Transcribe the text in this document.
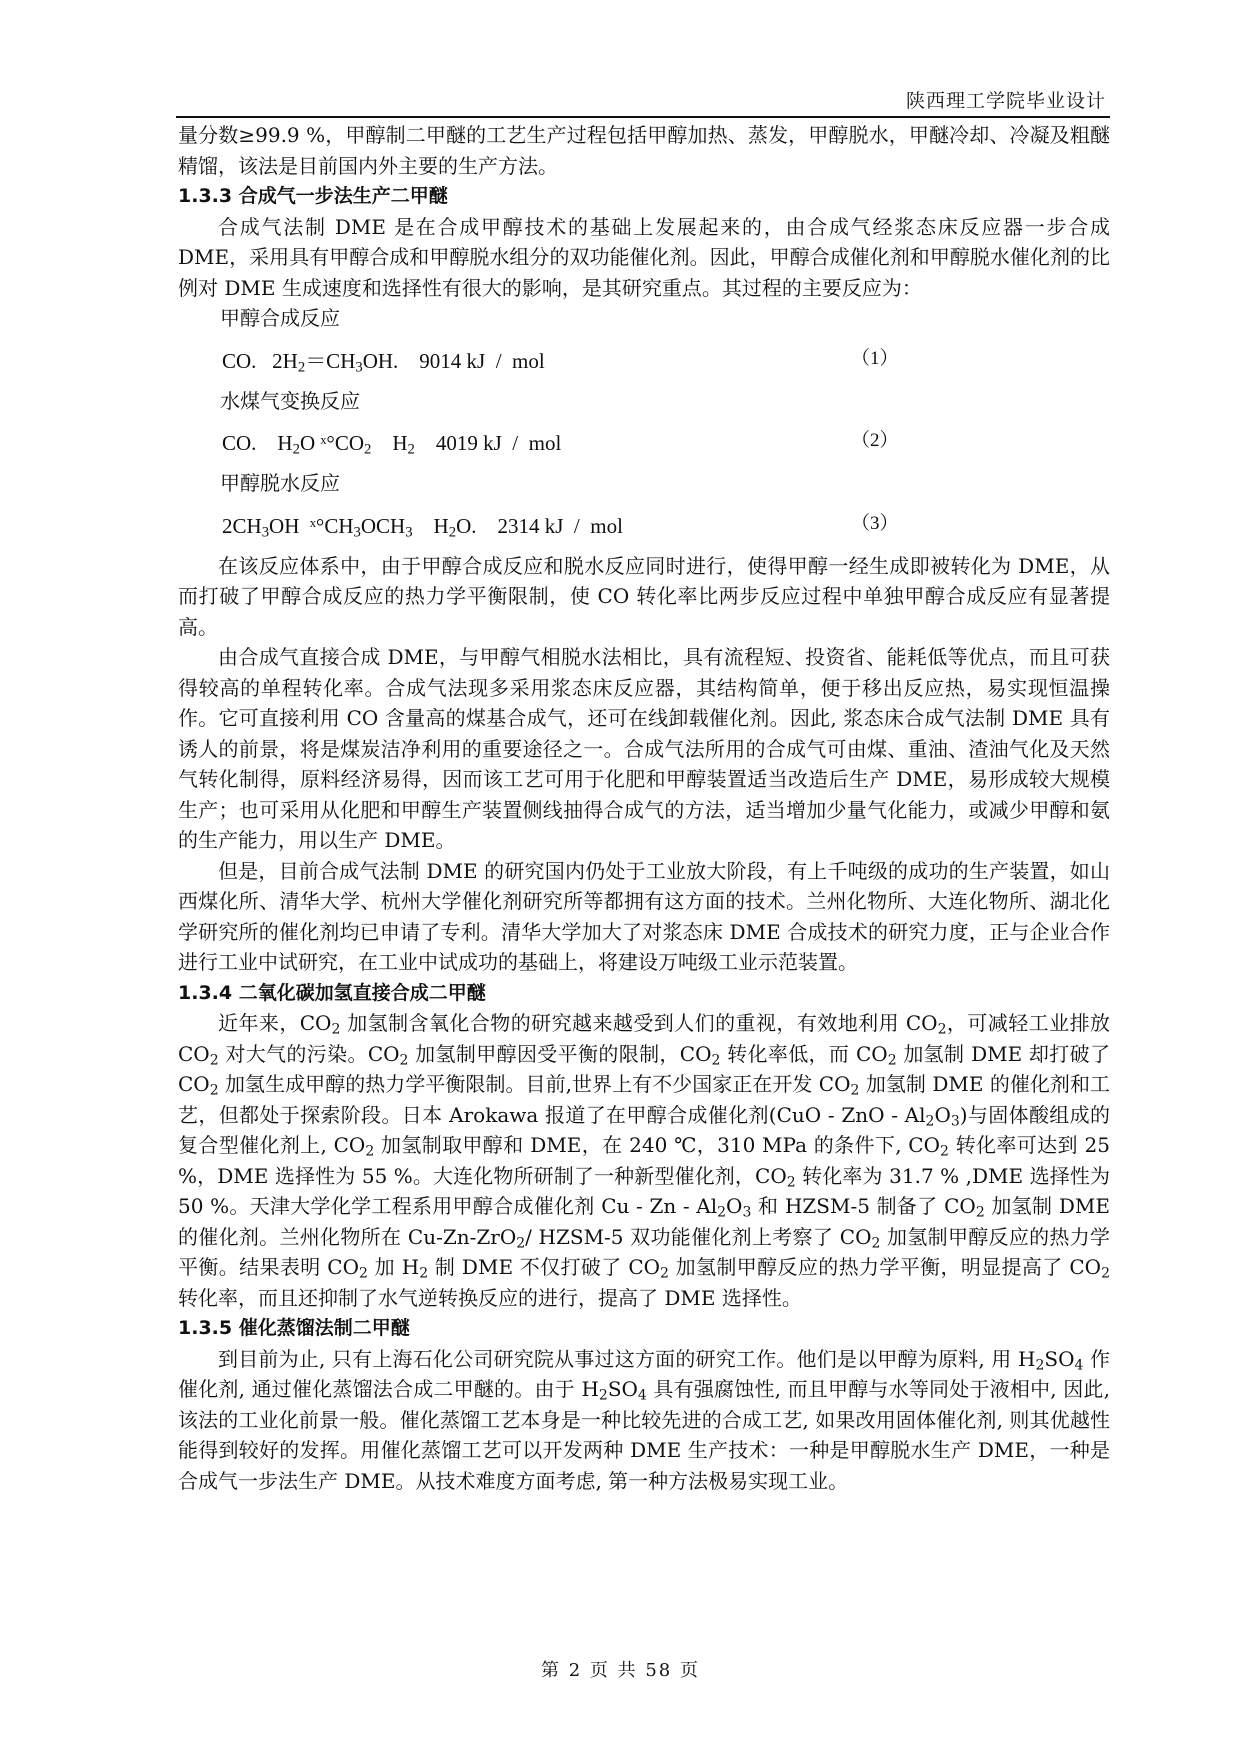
陕西理工学院毕业设计

量分数≥99.9 %，甲醇制二甲醚的工艺生产过程包括甲醇加热、蒸发，甲醇脱水，甲醚冷却、冷凝及粗醚精馏，该法是目前国内外主要的生产方法。

1.3.3 合成气一步法生产二甲醚

合成气法制 DME 是在合成甲醇技术的基础上发展起来的，由合成气经浆态床反应器一步合成 DME，采用具有甲醇合成和甲醇脱水组分的双功能催化剂。因此，甲醇合成催化剂和甲醇脱水催化剂的比例对 DME 生成速度和选择性有很大的影响，是其研究重点。其过程的主要反应为：

甲醇合成反应

CO.   $2H_2=CH_3OH$.    9014 kJ  /  mol	（1）

水煤气变换反应

CO.    $H_2O$ $ˣ^\circ CO_2$    $H_2$    4019 kJ  /  mol	（2）

甲醇脱水反应

$2CH_3OH$  $ˣ^\circ CH_3OCH_3$    $H_2O$.    2314 kJ  /  mol	（3）

在该反应体系中，由于甲醇合成反应和脱水反应同时进行，使得甲醇一经生成即被转化为 DME，从而打破了甲醇合成反应的热力学平衡限制，使 CO 转化率比两步反应过程中单独甲醇合成反应有显著提高。

由合成气直接合成 DME，与甲醇气相脱水法相比，具有流程短、投资省、能耗低等优点，而且可获得较高的单程转化率。合成气法现多采用浆态床反应器，其结构简单，便于移出反应热，易实现恒温操作。它可直接利用 CO 含量高的煤基合成气，还可在线卸载催化剂。因此, 浆态床合成气法制 DME 具有诱人的前景，将是煤炭洁净利用的重要途径之一。合成气法所用的合成气可由煤、重油、渣油气化及天然气转化制得，原料经济易得，因而该工艺可用于化肥和甲醇装置适当改造后生产 DME，易形成较大规模生产；也可采用从化肥和甲醇生产装置侧线抽得合成气的方法，适当增加少量气化能力，或减少甲醇和氨的生产能力，用以生产 DME。

但是，目前合成气法制 DME 的研究国内仍处于工业放大阶段，有上千吨级的成功的生产装置，如山西煤化所、清华大学、杭州大学催化剂研究所等都拥有这方面的技术。兰州化物所、大连化物所、湖北化学研究所的催化剂均已申请了专利。清华大学加大了对浆态床 DME 合成技术的研究力度，正与企业合作进行工业中试研究，在工业中试成功的基础上，将建设万吨级工业示范装置。

1.3.4 二氧化碳加氢直接合成二甲醚

近年来，$CO_2$ 加氢制含氧化合物的研究越来越受到人们的重视，有效地利用 $CO_2$，可减轻工业排放 $CO_2$ 对大气的污染。$CO_2$ 加氢制甲醇因受平衡的限制，$CO_2$ 转化率低，而 $CO_2$ 加氢制 DME 却打破了 $CO_2$ 加氢生成甲醇的热力学平衡限制。目前,世界上有不少国家正在开发 $CO_2$ 加氢制 DME 的催化剂和工艺，但都处于探索阶段。日本 Arokawa 报道了在甲醇合成催化剂(CuO - ZnO - $Al_2O_3$)与固体酸组成的复合型催化剂上, $CO_2$ 加氢制取甲醇和 DME，在 240 ℃，310 MPa 的条件下, $CO_2$ 转化率可达到 25 %，DME 选择性为 55 %。大连化物所研制了一种新型催化剂，$CO_2$ 转化率为 31.7 % ,DME 选择性为 50 %。天津大学化学工程系用甲醇合成催化剂 Cu - Zn - $Al_2O_3$ 和 HZSM-5 制备了 $CO_2$ 加氢制 DME 的催化剂。兰州化物所在 Cu-Zn-ZrO$_2$/ HZSM-5 双功能催化剂上考察了 $CO_2$ 加氢制甲醇反应的热力学平衡。结果表明 $CO_2$ 加 $H_2$ 制 DME 不仅打破了 $CO_2$ 加氢制甲醇反应的热力学平衡，明显提高了 $CO_2$ 转化率，而且还抑制了水气逆转换反应的进行，提高了 DME 选择性。

1.3.5 催化蒸馏法制二甲醚

到目前为止, 只有上海石化公司研究院从事过这方面的研究工作。他们是以甲醇为原料, 用 $H_2SO_4$ 作催化剂, 通过催化蒸馏法合成二甲醚的。由于 $H_2SO_4$ 具有强腐蚀性, 而且甲醇与水等同处于液相中, 因此, 该法的工业化前景一般。催化蒸馏工艺本身是一种比较先进的合成工艺, 如果改用固体催化剂, 则其优越性能得到较好的发挥。用催化蒸馏工艺可以开发两种 DME 生产技术：一种是甲醇脱水生产 DME，一种是合成气一步法生产 DME。从技术难度方面考虑, 第一种方法极易实现工业。

第 2 页 共 58 页
